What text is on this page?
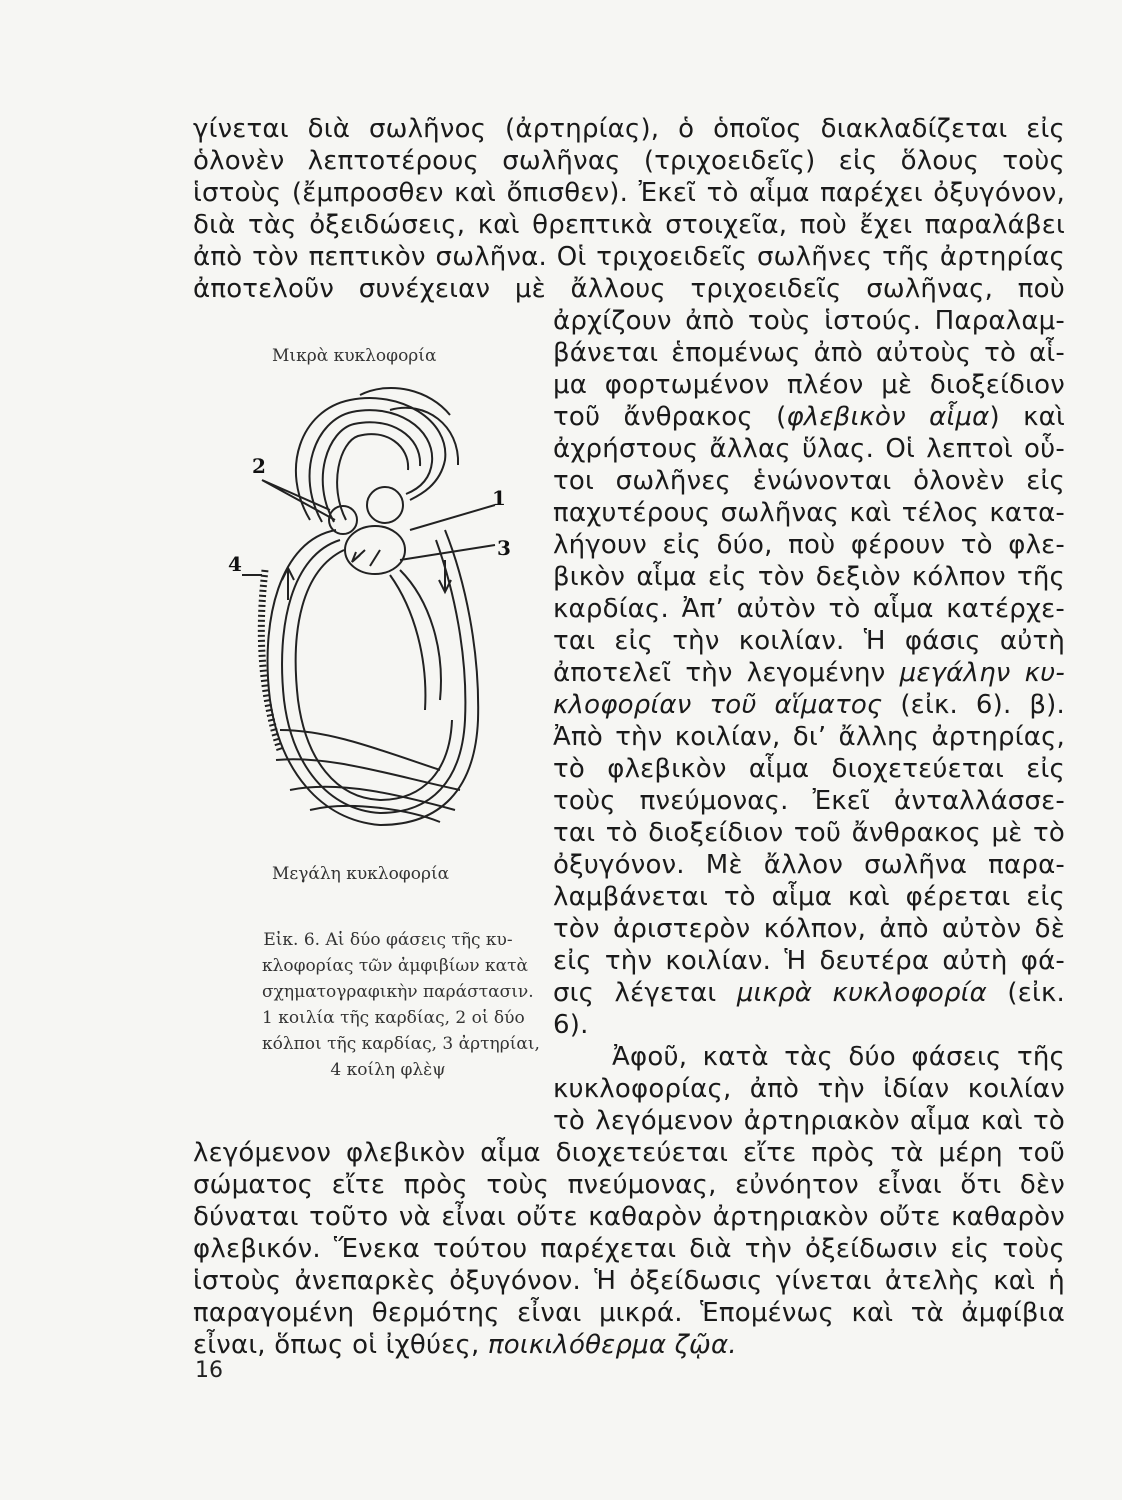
γίνεται διὰ σωλῆνος (ἀρτηρίας), ὁ ὁποῖος διακλαδίζεται εἰς
ὁλονὲν λεπτοτέρους σωλῆνας (τριχοειδεῖς) εἰς ὅλους τοὺς
ἱστοὺς (ἔμπροσθεν καὶ ὄπισθεν). Ἐκεῖ τὸ αἷμα παρέχει ὀξυγόνον,
διὰ τὰς ὀξειδώσεις, καὶ θρεπτικὰ στοιχεῖα, ποὺ ἔχει παραλάβει
ἀπὸ τὸν πεπτικὸν σωλῆνα. Οἱ τριχοειδεῖς σωλῆνες τῆς ἀρτηρίας
ἀποτελοῦν συνέχειαν μὲ ἄλλους τριχοειδεῖς σωλῆνας, ποὺ
ἀρχίζουν ἀπὸ τοὺς ἱστούς. Παραλαμ-
βάνεται ἑπομένως ἀπὸ αὐτοὺς τὸ αἷ-
μα φορτωμένον πλέον μὲ διοξείδιον
τοῦ ἄνθρακος (φλεβικὸν αἷμα) καὶ
ἀχρήστους ἄλλας ὕλας. Οἱ λεπτοὶ οὗ-
τοι σωλῆνες ἑνώνονται ὁλονὲν εἰς
παχυτέρους σωλῆνας καὶ τέλος κατα-
λήγουν εἰς δύο, ποὺ φέρουν τὸ φλε-
βικὸν αἷμα εἰς τὸν δεξιὸν κόλπον τῆς
καρδίας. Ἀπ’ αὐτὸν τὸ αἷμα κατέρχε-
ται εἰς τὴν κοιλίαν. Ἡ φάσις αὐτὴ
ἀποτελεῖ τὴν λεγομένην μεγάλην κυ-
κλοφορίαν τοῦ αἵματος (εἰκ. 6). β).
Ἀπὸ τὴν κοιλίαν, δι’ ἄλλης ἀρτηρίας,
τὸ φλεβικὸν αἷμα διοχετεύεται εἰς
τοὺς πνεύμονας. Ἐκεῖ ἀνταλλάσσε-
ται τὸ διοξείδιον τοῦ ἄνθρακος μὲ τὸ
ὀξυγόνον. Μὲ ἄλλον σωλῆνα παρα-
λαμβάνεται τὸ αἷμα καὶ φέρεται εἰς
τὸν ἀριστερὸν κόλπον, ἀπὸ αὐτὸν δὲ
εἰς τὴν κοιλίαν. Ἡ δευτέρα αὐτὴ φά-
σις λέγεται μικρὰ κυκλοφορία (εἰκ.
6).
Ἀφοῦ, κατὰ τὰς δύο φάσεις τῆς
κυκλοφορίας, ἀπὸ τὴν ἰδίαν κοιλίαν
τὸ λεγόμενον ἀρτηριακὸν αἷμα καὶ τὸ
λεγόμενον φλεβικὸν αἷμα διοχετεύεται εἴτε πρὸς τὰ μέρη τοῦ
σώματος εἴτε πρὸς τοὺς πνεύμονας, εὐνόητον εἶναι ὅτι δὲν
δύναται τοῦτο νὰ εἶναι οὔτε καθαρὸν ἀρτηριακὸν οὔτε καθαρὸν
φλεβικόν. Ἕνεκα τούτου παρέχεται διὰ τὴν ὀξείδωσιν εἰς τοὺς
ἱστοὺς ἀνεπαρκὲς ὀξυγόνον. Ἡ ὀξείδωσις γίνεται ἀτελὴς καὶ ἡ
παραγομένη θερμότης εἶναι μικρά. Ἑπομένως καὶ τὰ ἀμφίβια
εἶναι, ὅπως οἱ ἰχθύες, ποικιλόθερμα ζῷα.
Μικρὰ κυκλοφορία
2
1
3
4
Μεγάλη κυκλοφορία
Εἰκ. 6. Αἱ δύο φάσεις τῆς κυ-
κλοφορίας τῶν ἀμφιβίων κατὰ
σχηματογραφικὴν παράστασιν.
1 κοιλία τῆς καρδίας, 2 οἱ δύο
κόλποι τῆς καρδίας, 3 ἀρτηρίαι,
4 κοίλη φλὲψ
16
